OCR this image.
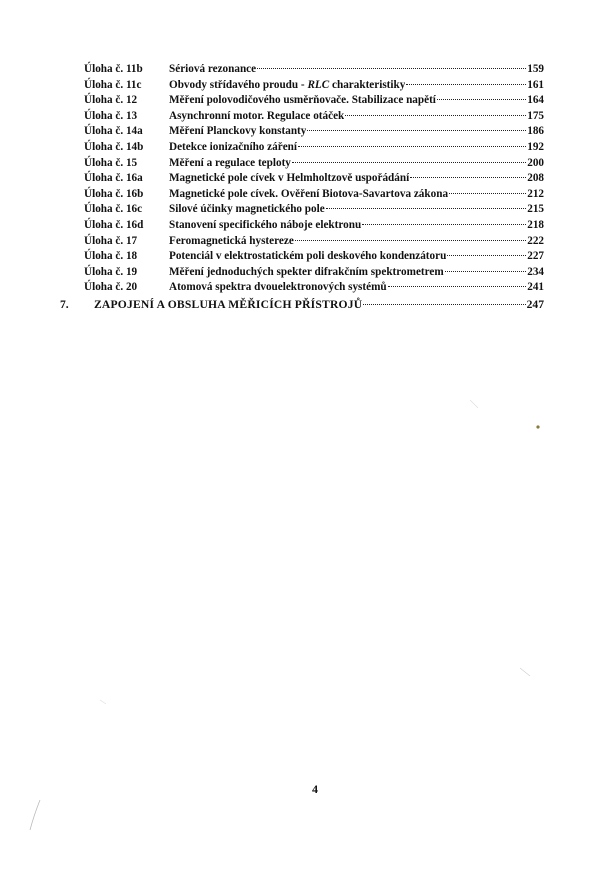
Úloha č. 11b	Sériová rezonance	159
Úloha č. 11c	Obvody střídavého proudu - RLC charakteristiky	161
Úloha č. 12	Měření polovodičového usměrňovače. Stabilizace napětí	164
Úloha č. 13	Asynchronní motor. Regulace otáček	175
Úloha č. 14a	Měření Planckovy konstanty	186
Úloha č. 14b	Detekce ionizačního záření	192
Úloha č. 15	Měření a regulace teploty	200
Úloha č. 16a	Magnetické pole cívek v Helmholtzově uspořádání	208
Úloha č. 16b	Magnetické pole cívek. Ověření Biotova-Savartova zákona	212
Úloha č. 16c	Silové účinky magnetického pole	215
Úloha č. 16d	Stanovení specifického náboje elektronu	218
Úloha č. 17	Feromagnetická hystereze	222
Úloha č. 18	Potenciál v elektrostatickém poli deskového kondenzátoru	227
Úloha č. 19	Měření jednoduchých spekter difrakčním spektrometrem	234
Úloha č. 20	Atomová spektra dvouelektronových systémů	241
7.	ZAPOJENÍ A OBSLUHA MĚŘICÍCH PŘÍSTROJŮ	247
4
